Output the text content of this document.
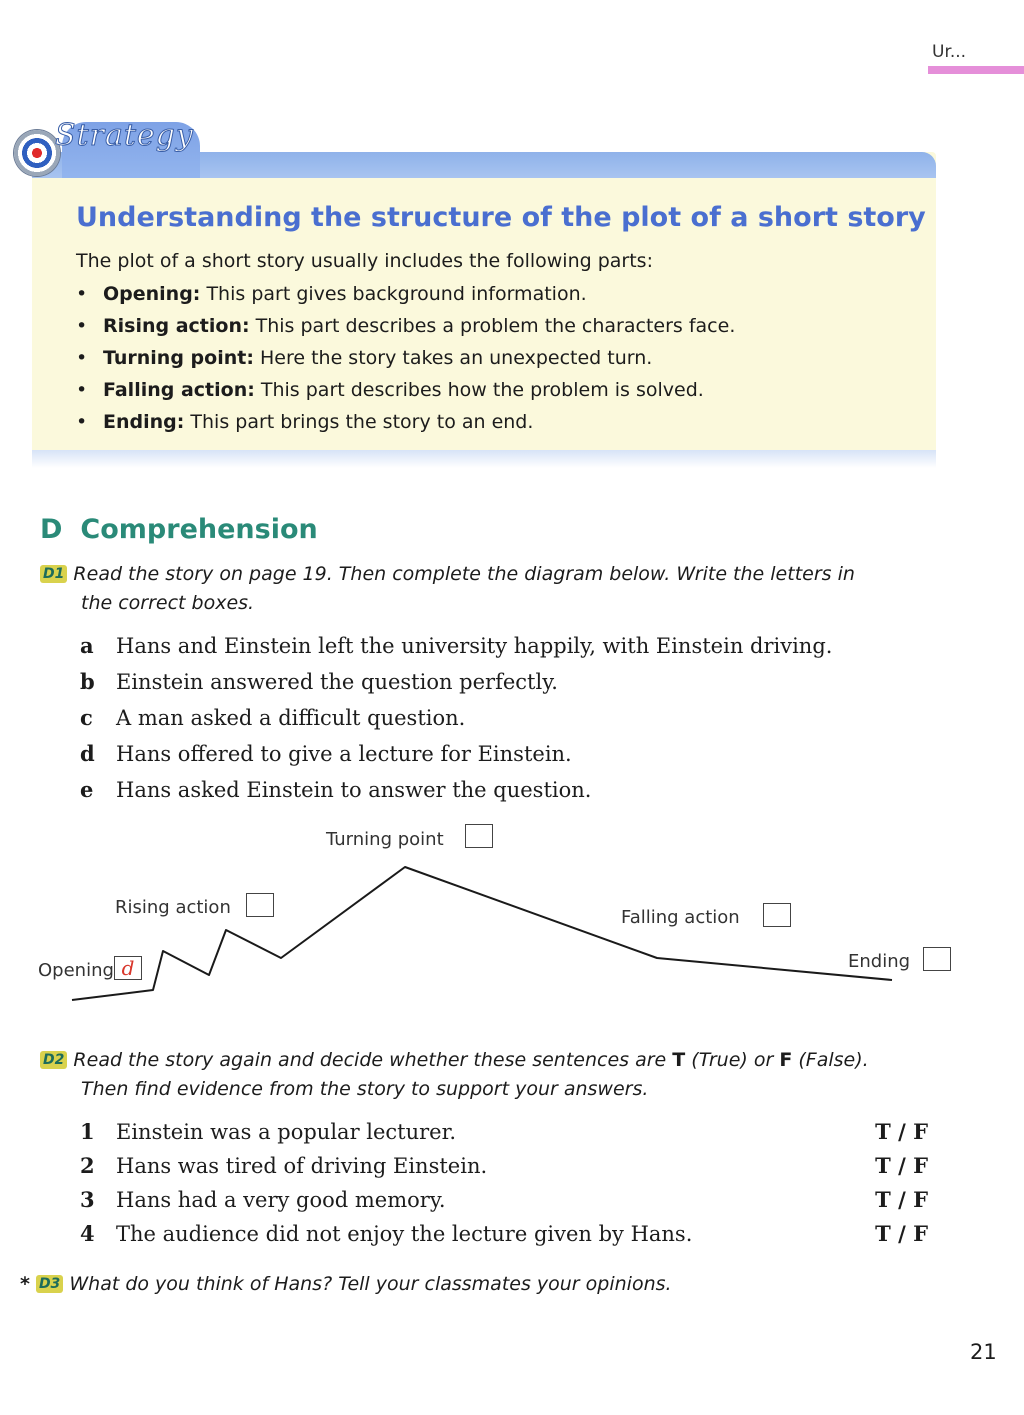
Ur...
Strategy
Understanding the structure of the plot of a short story
The plot of a short story usually includes the following parts:
• Opening: This part gives background information.
• Rising action: This part describes a problem the characters face.
• Turning point: Here the story takes an unexpected turn.
• Falling action: This part describes how the problem is solved.
• Ending: This part brings the story to an end.
D Comprehension
D1 Read the story on page 19. Then complete the diagram below. Write the letters in
the correct boxes.
a Hans and Einstein left the university happily, with Einstein driving.
b Einstein answered the question perfectly.
c A man asked a difficult question.
d Hans offered to give a lecture for Einstein.
e Hans asked Einstein to answer the question.
Opening d
Rising action
Turning point
Falling action
Ending
D2 Read the story again and decide whether these sentences are T (True) or F (False).
Then find evidence from the story to support your answers.
1 Einstein was a popular lecturer.	T / F
2 Hans was tired of driving Einstein.	T / F
3 Hans had a very good memory.	T / F
4 The audience did not enjoy the lecture given by Hans.	T / F
* D3 What do you think of Hans? Tell your classmates your opinions.
21
